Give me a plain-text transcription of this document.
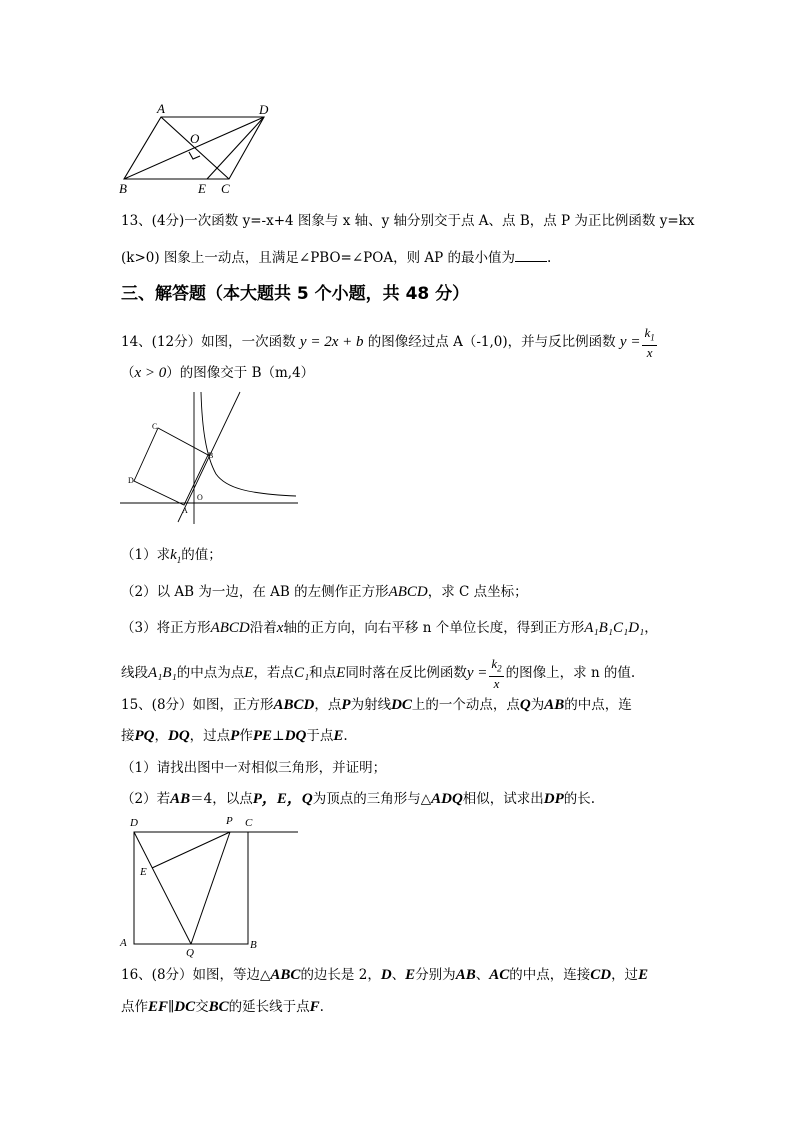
A	D
O
B	E C
13、(4分)一次函数 y=-x+4 图象与 x 轴、y 轴分别交于点 A、点 B，点 P 为正比例函数 y=kx
(k>0) 图象上一动点，且满足∠PBO=∠POA，则 AP 的最小值为 .
三、解答题（本大题共 5 个小题，共 48 分）
14、(12分）如图，一次函数 y = 2x + b 的图像经过点 A（-1,0)，并与反比例函数 $y = \frac{k_1}{x}$
（x > 0）的图像交于 B（m,4）
C
B
D
A
O
（1）求$k_1$的值；
（2）以 AB 为一边，在 AB 的左侧作正方形ABCD，求 C 点坐标；
（3）将正方形ABCD沿着x轴的正方向，向右平移 n 个单位长度，得到正方形A₁B₁C₁D₁，
线段A₁B₁的中点为点E，若点C₁和点E同时落在反比例函数$y = \frac{k_2}{x}$ 的图像上，求 n 的值.
15、(8分）如图，正方形ABCD，点P为射线DC上的一个动点，点Q为AB的中点，连
接PQ，DQ，过点P作PE⊥DQ于点E.
（1）请找出图中一对相似三角形，并证明；
（2）若AB＝4，以点P，E，Q为顶点的三角形与△ADQ相似，试求出DP的长.
D	P C
E
A
Q
B
16、(8分）如图，等边△ABC的边长是 2，D、E分别为AB、AC的中点，连接CD，过E
点作EF∥DC交BC的延长线于点F.
